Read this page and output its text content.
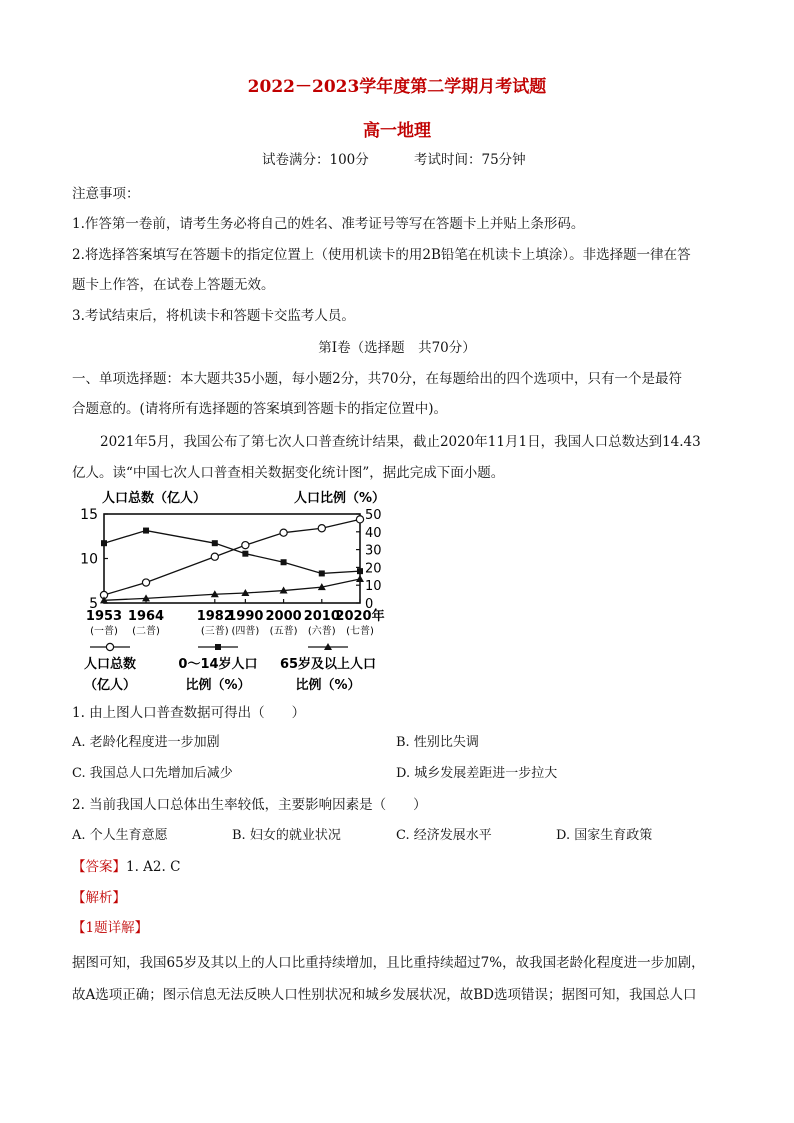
2022－2023学年度第二学期月考试题
高一地理
试卷满分：100分	考试时间：75分钟
注意事项：
1.作答第一卷前，请考生务必将自己的姓名、准考证号等写在答题卡上并贴上条形码。
2.将选择答案填写在答题卡的指定位置上（使用机读卡的用2B铅笔在机读卡上填涂）。非选择题一律在答
题卡上作答，在试卷上答题无效。
3.考试结束后，将机读卡和答题卡交监考人员。
第Ⅰ卷（选择题　共70分）
一、单项选择题：本大题共35小题，每小题2分，共70分，在每题给出的四个选项中，只有一个是最符
合题意的。(请将所有选择题的答案填到答题卡的指定位置中)。
2021年5月，我国公布了第七次人口普查统计结果，截止2020年11月1日，我国人口总数达到14.43
亿人。读“中国七次人口普查相关数据变化统计图”，据此完成下面小题。
人口总数（亿人）	人口比例（%）
15
10
5
50
40
30
20
10
0
1953
(一普)
1964
(二普)
1982
(三普)
1990
(四普)
2000
(五普)
2010
(六普)
2020年
(七普)
人口总数
（亿人）
0～14岁人口
比例（%）
65岁及以上人口
比例（%）
1. 由上图人口普查数据可得出（　　）
A. 老龄化程度进一步加剧	B. 性别比失调
C. 我国总人口先增加后减少	D. 城乡发展差距进一步拉大
2. 当前我国人口总体出生率较低，主要影响因素是（　　）
A. 个人生育意愿	B. 妇女的就业状况	C. 经济发展水平	D. 国家生育政策
【答案】1. A2. C
【解析】
【1题详解】
据图可知，我国65岁及其以上的人口比重持续增加，且比重持续超过7%，故我国老龄化程度进一步加剧，
故A选项正确；图示信息无法反映人口性别状况和城乡发展状况，故BD选项错误；据图可知，我国总人口
